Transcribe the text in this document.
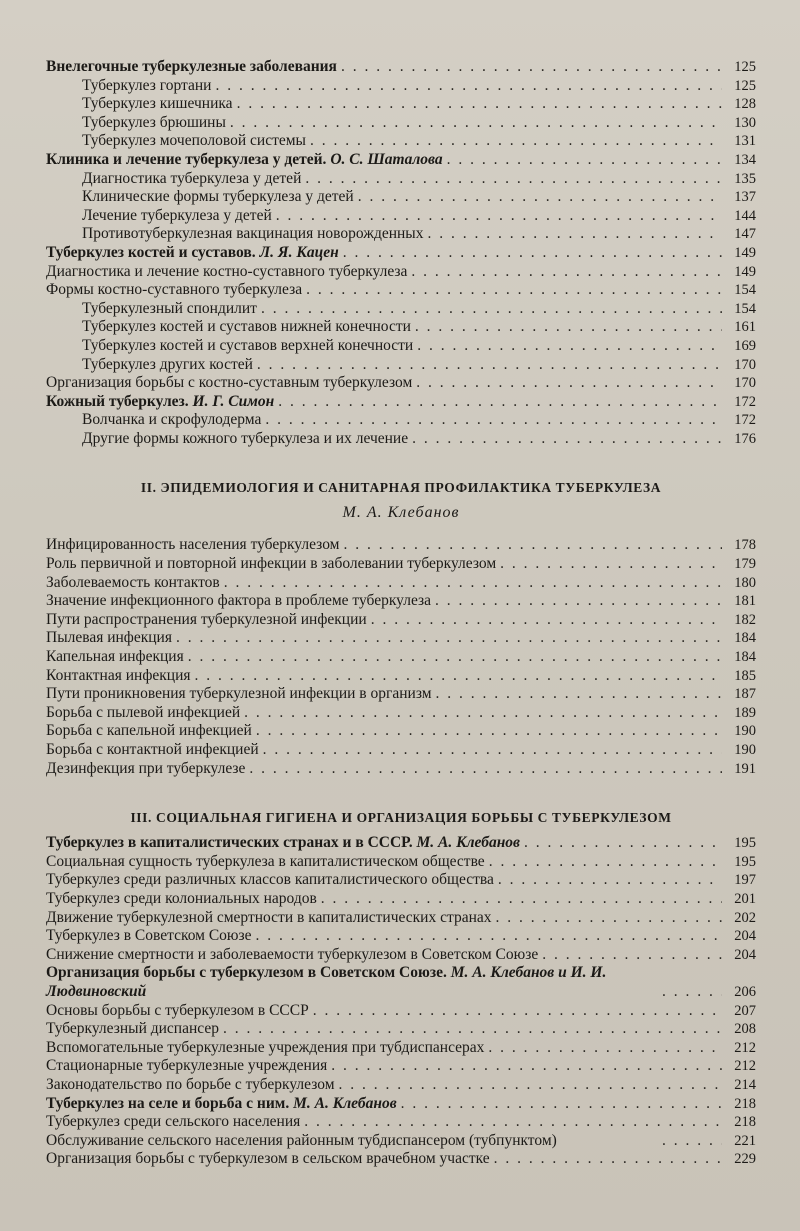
Внелегочные туберкулезные заболевания . . .	125
Туберкулез гортани . . .	125
Туберкулез кишечника . . .	128
Туберкулез брюшины . . .	130
Туберкулез мочеполовой системы . . .	131
Клиника и лечение туберкулеза у детей. О. С. Шаталова . . .	134
Диагностика туберкулеза у детей . . .	135
Клинические формы туберкулеза у детей . . .	137
Лечение туберкулеза у детей . . .	144
Противотуберкулезная вакцинация новорожденных . . .	147
Туберкулез костей и суставов. Л. Я. Кацен . . .	149
Диагностика и лечение костно-суставного туберкулеза . . .	149
Формы костно-суставного туберкулеза . . .	154
Туберкулезный спондилит . . .	154
Туберкулез костей и суставов нижней конечности . . .	161
Туберкулез костей и суставов верхней конечности . . .	169
Туберкулез других костей . . .	170
Организация борьбы с костно-суставным туберкулезом . . .	170
Кожный туберкулез. И. Г. Симон . . .	172
Волчанка и скрофулодерма . . .	172
Другие формы кожного туберкулеза и их лечение . . .	176
II. ЭПИДЕМИОЛОГИЯ И САНИТАРНАЯ ПРОФИЛАКТИКА ТУБЕРКУЛЕЗА
М. А. Клебанов
Инфицированность населения туберкулезом . . .	178
Роль первичной и повторной инфекции в заболевании туберкулезом . . .	179
Заболеваемость контактов . . .	180
Значение инфекционного фактора в проблеме туберкулеза . . .	181
Пути распространения туберкулезной инфекции . . .	182
Пылевая инфекция . . .	184
Капельная инфекция . . .	184
Контактная инфекция . . .	185
Пути проникновения туберкулезной инфекции в организм . . .	187
Борьба с пылевой инфекцией . . .	189
Борьба с капельной инфекцией . . .	190
Борьба с контактной инфекцией . . .	190
Дезинфекция при туберкулезе . . .	191
III. СОЦИАЛЬНАЯ ГИГИЕНА И ОРГАНИЗАЦИЯ БОРЬБЫ С ТУБЕРКУЛЕЗОМ
Туберкулез в капиталистических странах и в СССР. М. А. Клебанов . . .	195
Социальная сущность туберкулеза в капиталистическом обществе . . .	195
Туберкулез среди различных классов капиталистического общества . . .	197
Туберкулез среди колониальных народов . . .	201
Движение туберкулезной смертности в капиталистических странах . . .	202
Туберкулез в Советском Союзе . . .	204
Снижение смертности и заболеваемости туберкулезом в Советском Союзе . . .	204
Организация борьбы с туберкулезом в Советском Союзе. М. А. Клебанов и И. И. Людвиновский . . .	206
Основы борьбы с туберкулезом в СССР . . .	207
Туберкулезный диспансер . . .	208
Вспомогательные туберкулезные учреждения при тубдиспансерах . . .	212
Стационарные туберкулезные учреждения . . .	212
Законодательство по борьбе с туберкулезом . . .	214
Туберкулез на селе и борьба с ним. М. А. Клебанов . . .	218
Туберкулез среди сельского населения . . .	218
Обслуживание сельского населения районным тубдиспансером (тубпунктом) . . .	221
Организация борьбы с туберкулезом в сельском врачебном участке . . .	229
